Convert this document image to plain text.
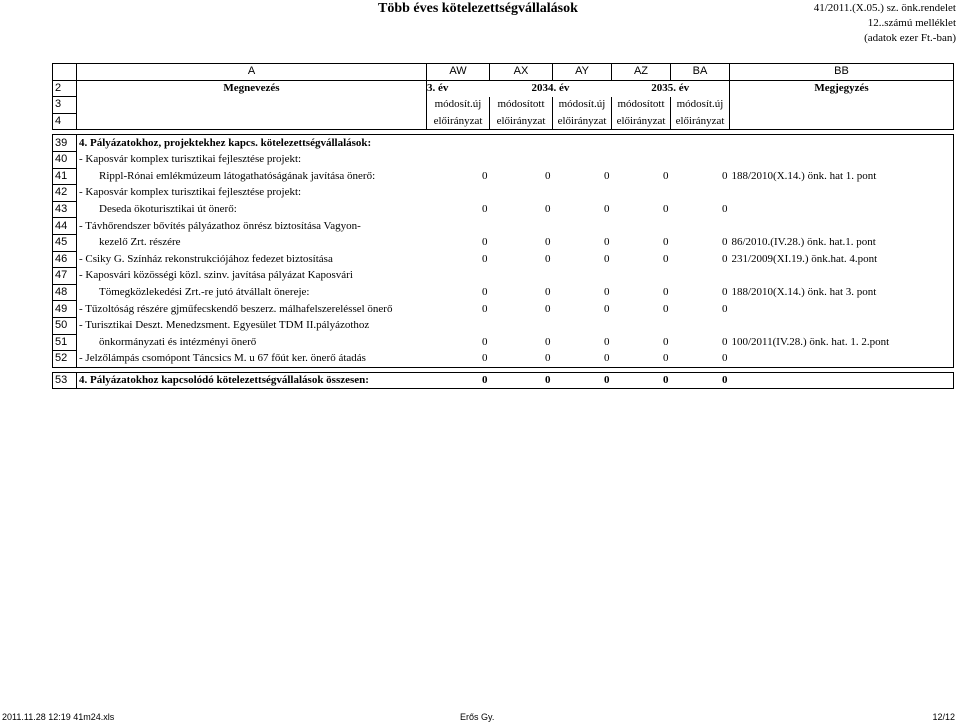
Több éves kötelezettségvállalások	41/2011.(X.05.) sz. önk.rendelet
12..számú melléklet
(adatok ezer Ft.-ban)
	A	AW	AX	AY	AZ	BA	BB
2	Megnevezés	3. év	2034. év		2035. év		Megjegyzés
3		módosít.új	módosított	módosít.új	módosított	módosít.új	
4		előirányzat	előirányzat	előirányzat	előirányzat	előirányzat	

39	4. Pályázatokhoz, projektekhez kapcs. kötelezettségvállalások:						
40	- Kaposvár komplex turisztikai fejlesztése projekt:						
41	Rippl-Rónai emlékmúzeum látogathatóságának javítása önerő:	0	0	0	0	0	188/2010(X.14.) önk. hat 1. pont
42	- Kaposvár komplex turisztikai fejlesztése projekt:						
43	Deseda ökoturisztikai út önerő:	0	0	0	0	0	
44	- Távhőrendszer bővítés pályázathoz önrész biztosítása Vagyon-						
45	kezelő Zrt. részére	0	0	0	0	0	86/2010.(IV.28.) önk. hat.1. pont
46	- Csiky G. Színház rekonstrukciójához fedezet biztosítása	0	0	0	0	0	231/2009(XI.19.) önk.hat. 4.pont
47	- Kaposvári közösségi közl. szinv. javítása pályázat Kaposvári						
48	Tömegközlekedési Zrt.-re jutó átvállalt önereje:	0	0	0	0	0	188/2010(X.14.) önk. hat 3. pont
49	- Tűzoltóság részére gjműfecskendő beszerz. málhafelszereléssel önerő	0	0	0	0	0	
50	- Turisztikai Deszt. Menedzsment. Egyesület TDM II.pályázothoz						
51	önkormányzati és intézményi önerő	0	0	0	0	0	100/2011(IV.28.) önk. hat. 1. 2.pont
52	- Jelzőlámpás csomópont Táncsics M. u 67 főút ker. önerő átadás	0	0	0	0	0	

53	4. Pályázatokhoz kapcsolódó kötelezettségvállalások összesen:	0	0	0	0	0	
2011.11.28 12:19 41m24.xls	Erős Gy.	12/12
